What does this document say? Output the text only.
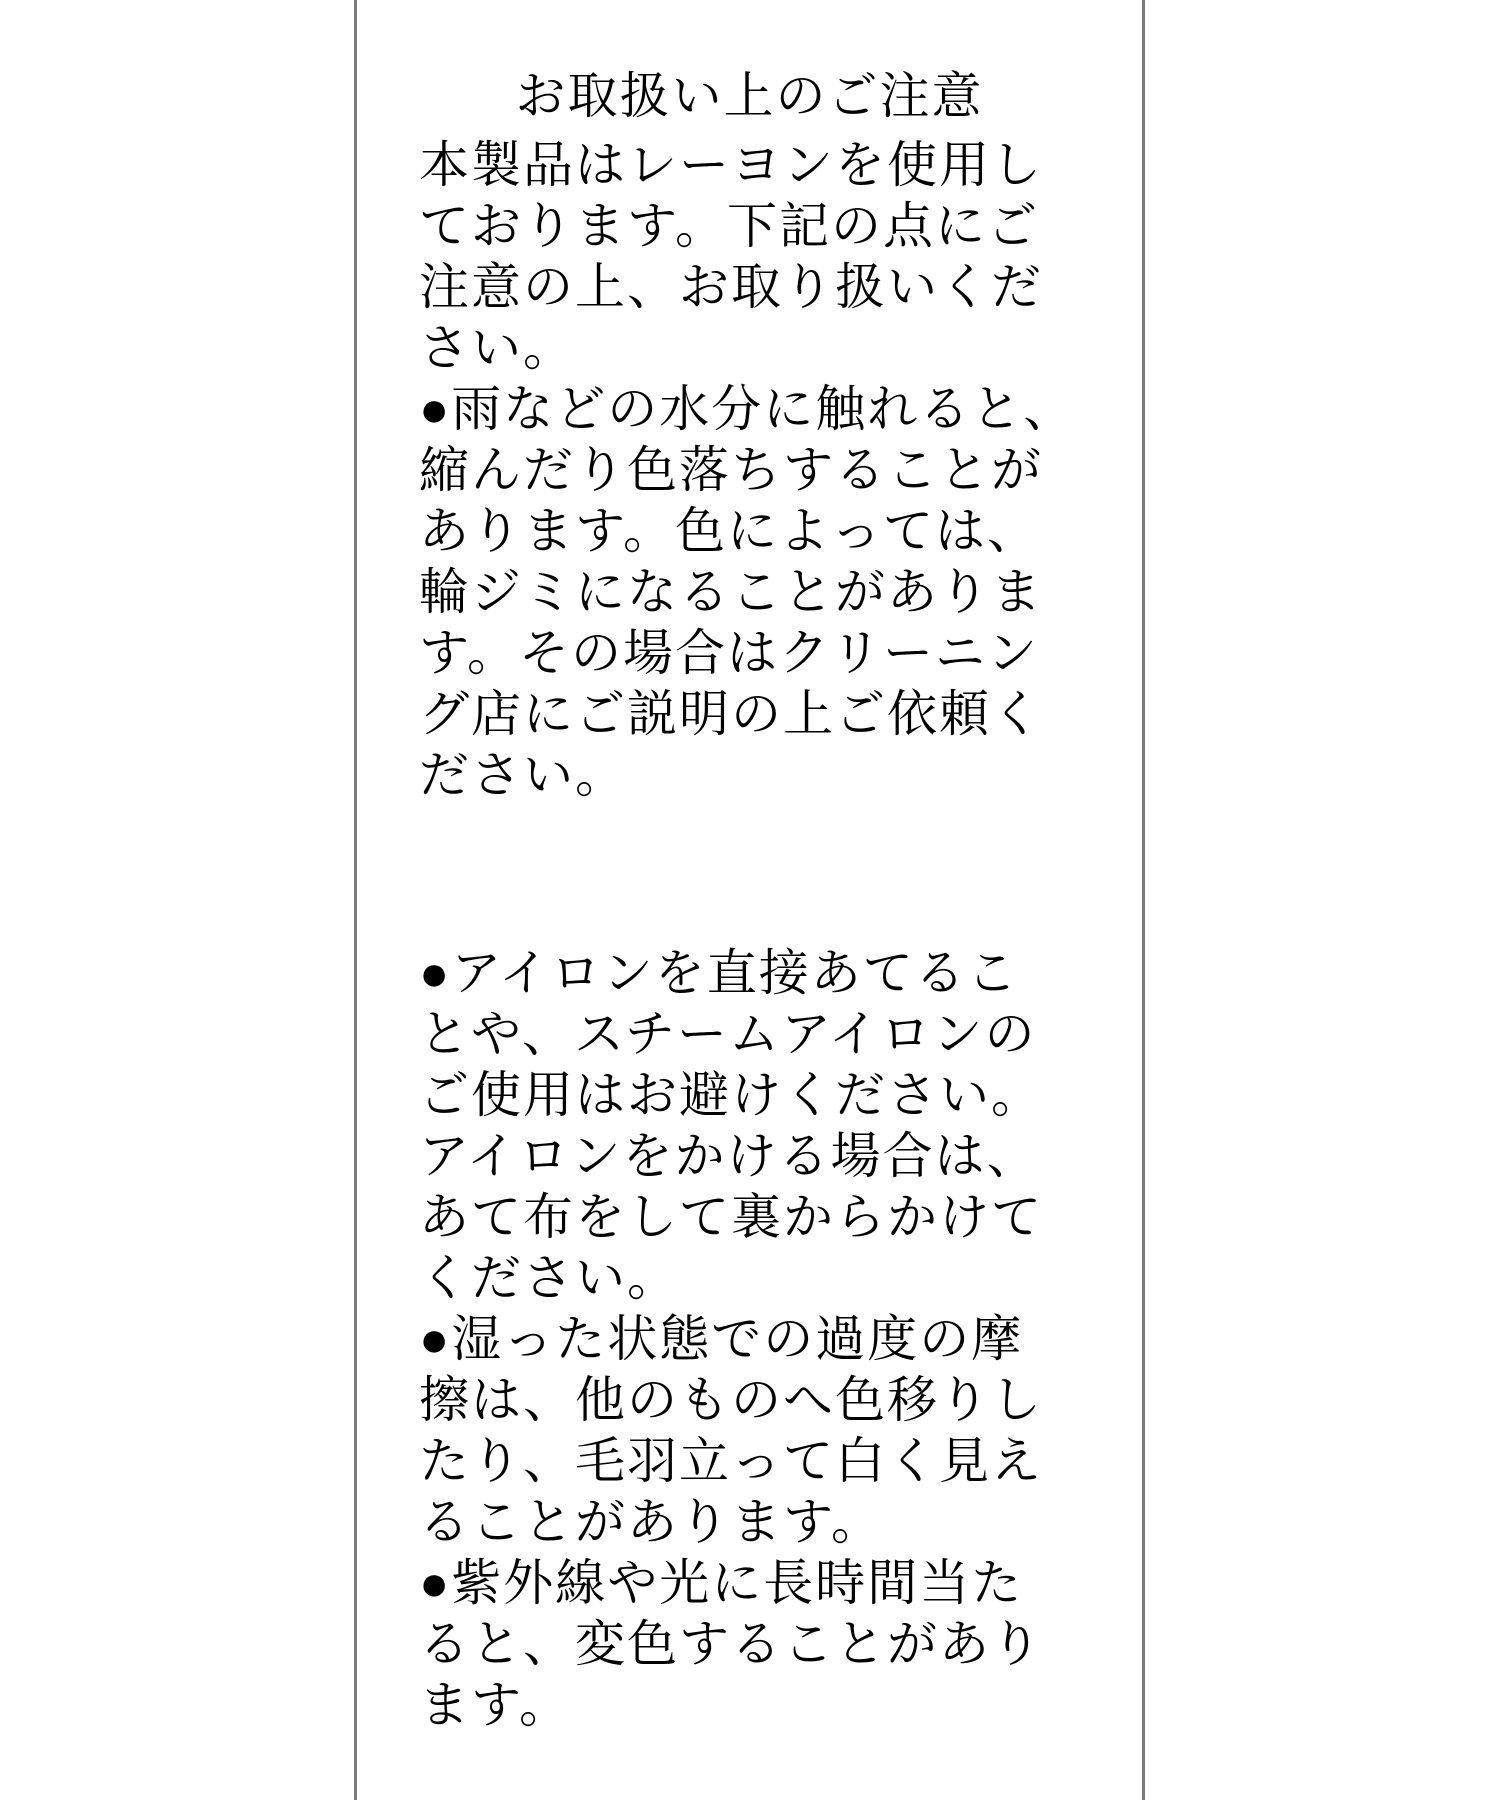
お取扱い上のご注意
本製品はレーヨンを使用し
ております。下記の点にご
注意の上、お取り扱いくだ
さい。
●雨などの水分に触れると、
縮んだり色落ちすることが
あります。色によっては、
輪ジミになることがありま
す。その場合はクリーニン
グ店にご説明の上ご依頼く
ださい。
●アイロンを直接あてるこ
とや、スチームアイロンの
ご使用はお避けください。
アイロンをかける場合は、
あて布をして裏からかけて
ください。
●湿った状態での過度の摩
擦は、他のものへ色移りし
たり、毛羽立って白く見え
ることがあります。
●紫外線や光に長時間当た
ると、変色することがあり
ます。
